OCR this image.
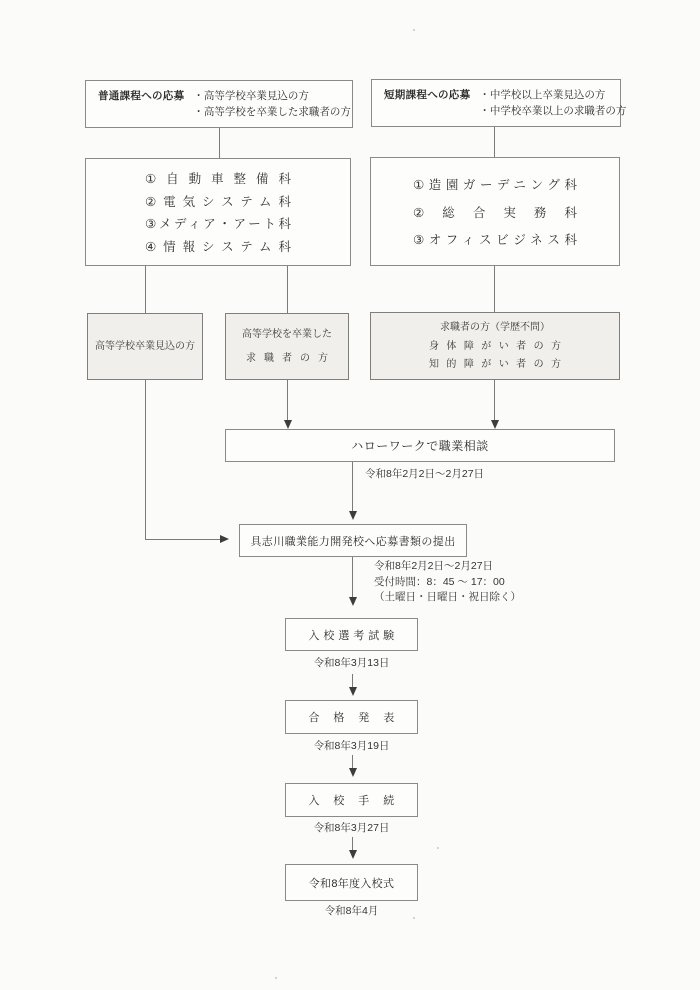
普通課程への応募 ・高等学校卒業見込の方
・高等学校を卒業した求職者の方
短期課程への応募 ・中学校以上卒業見込の方
・中学校卒業以上の求職者の方
①自動車整備科
②電気システム科
③メディア・アート科
④情報システム科
①造園ガーデニング科
②総合実務科
③オフィスビジネス科
高等学校卒業見込の方
高等学校を卒業した
求職者の方
求職者の方（学歴不問）
身体障がい者の方
知的障がい者の方
ハローワークで職業相談
令和8年2月2日～2月27日
具志川職業能力開発校へ応募書類の提出
令和8年2月2日～2月27日
受付時間：8：45 ～ 17：00
（土曜日・日曜日・祝日除く）
入校選考試験
令和8年3月13日
合格発表
令和8年3月19日
入校手続
令和8年3月27日
令和8年度入校式
令和8年4月
